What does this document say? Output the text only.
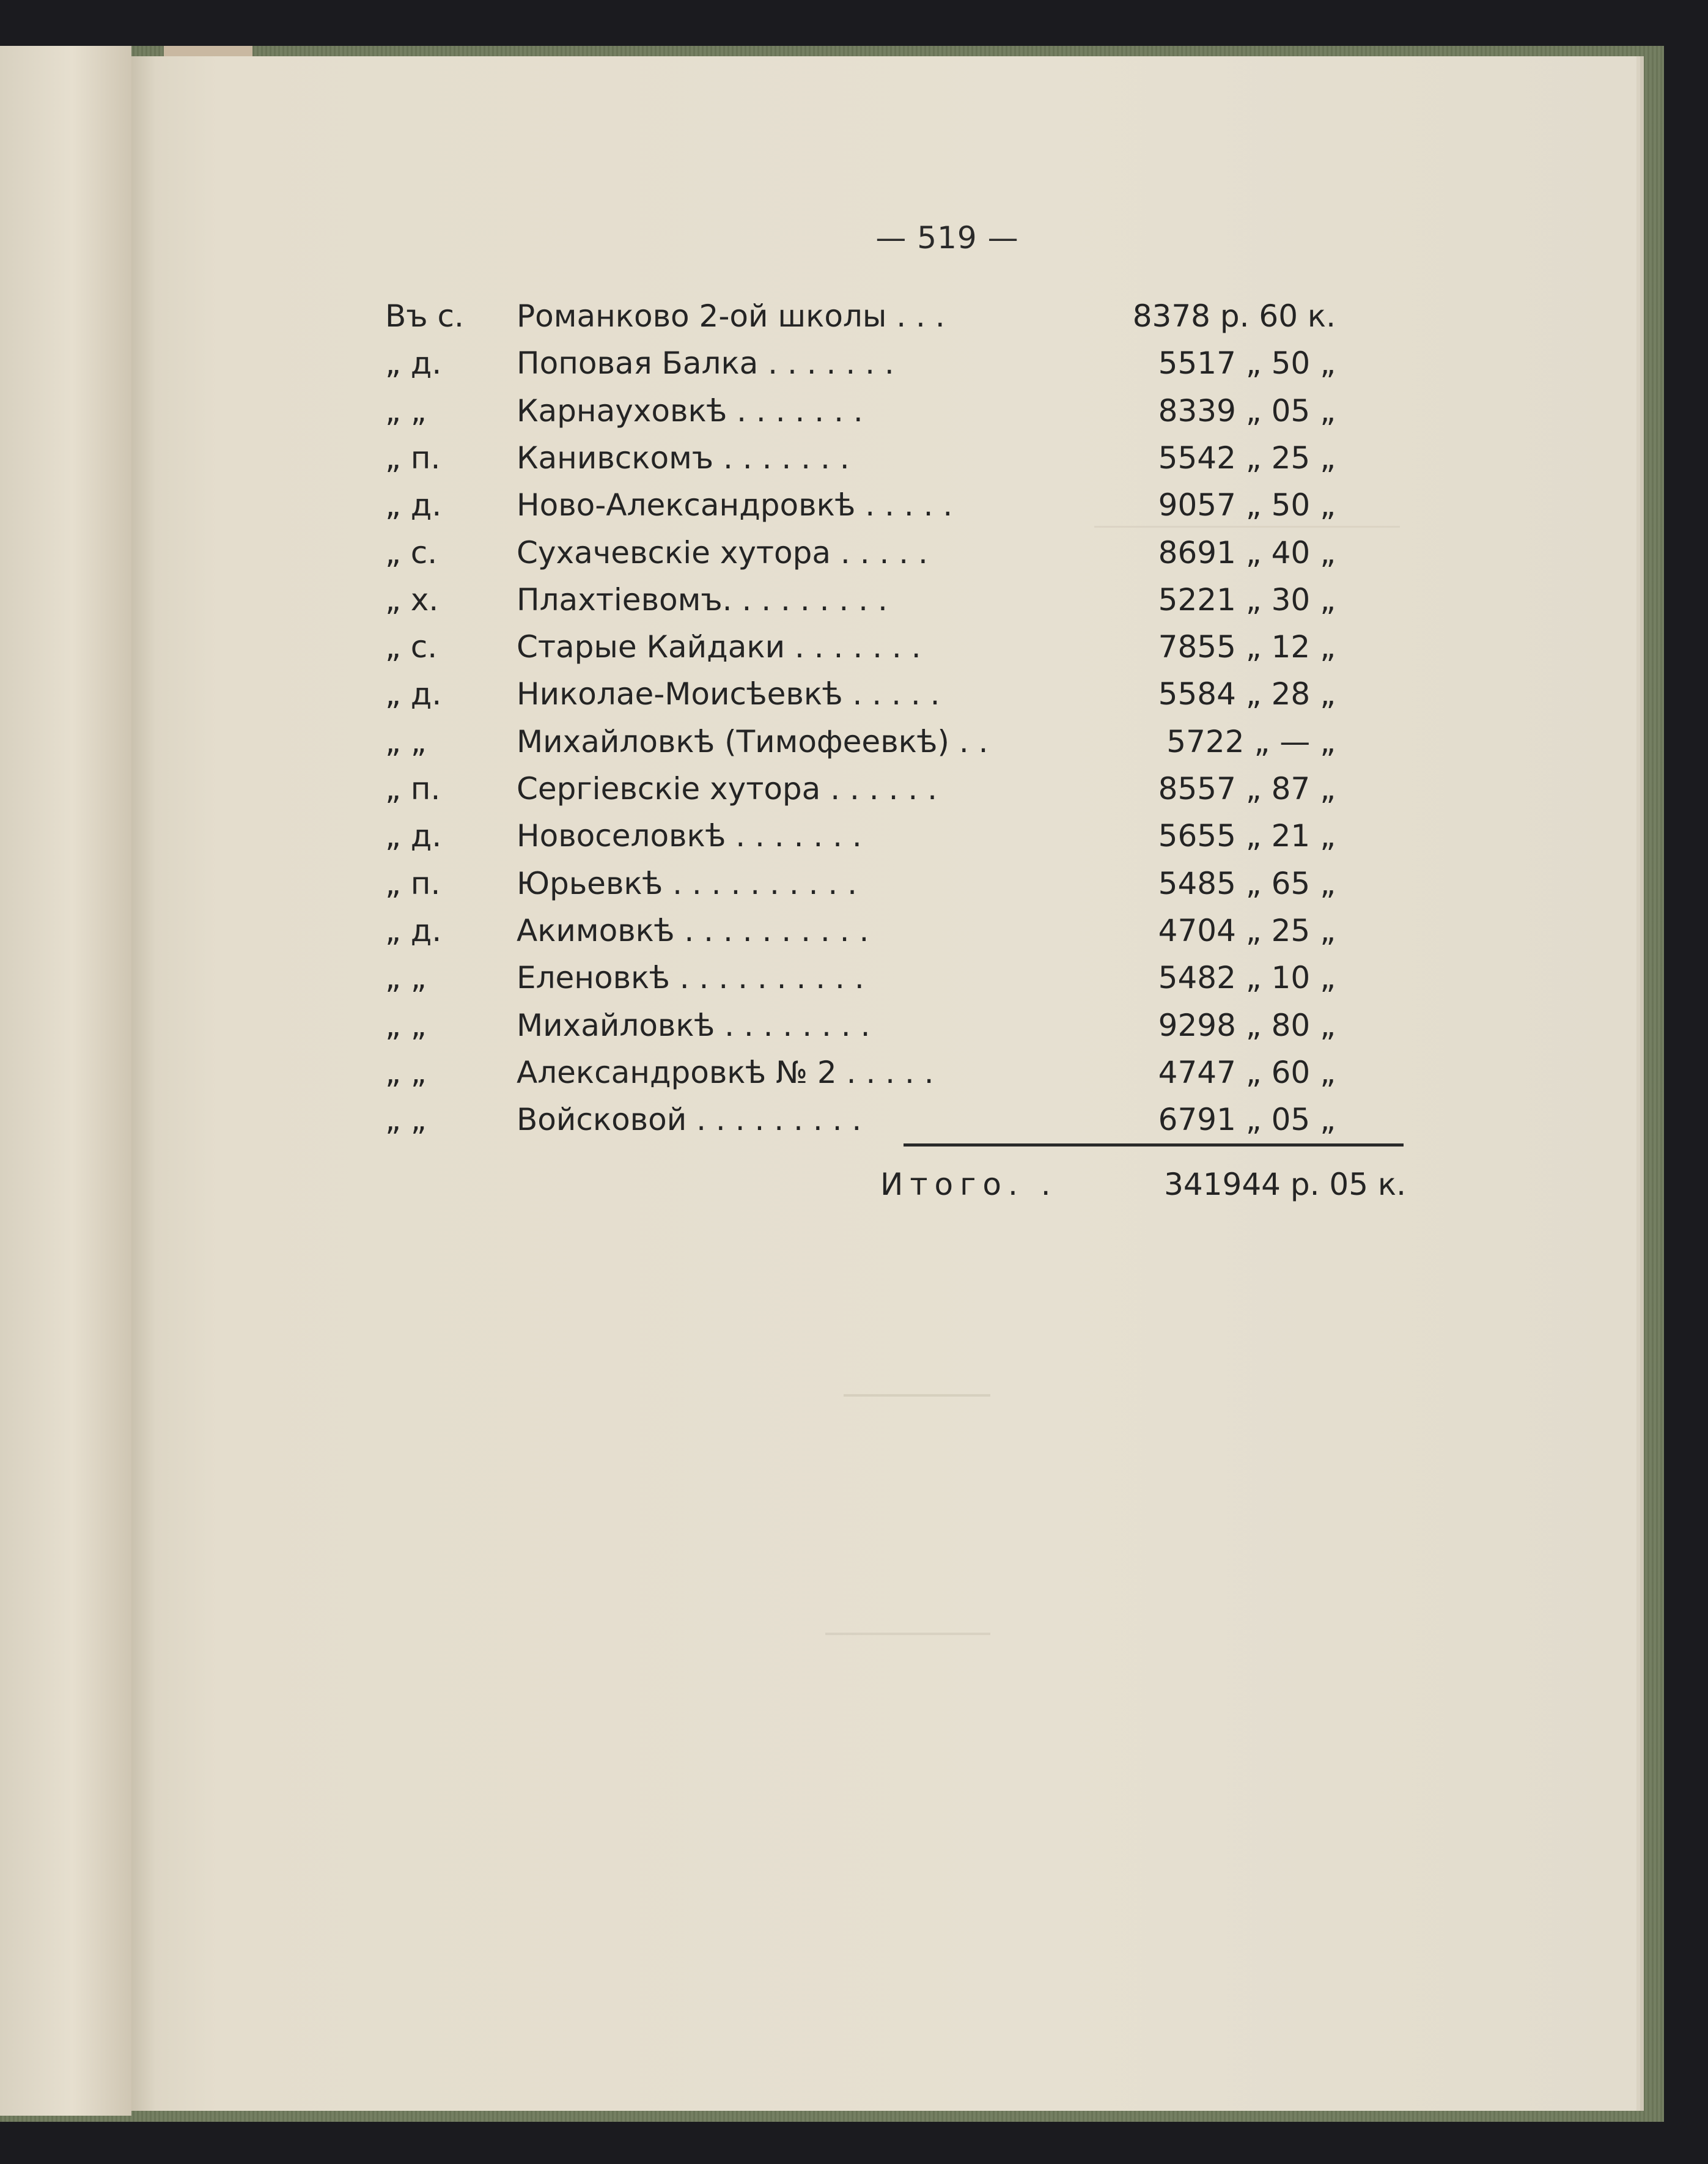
— 519 —
Въ с.	Романково 2-ой школы . . .	8378 р. 60 к.
„ д.	Поповая Балка . . . . . . .	5517 „ 50 „
„ „	Карнауховкѣ . . . . . . .	8339 „ 05 „
„ п.	Канивскомъ . . . . . . .	5542 „ 25 „
„ д.	Ново-Александровкѣ . . . . .	9057 „ 50 „
„ с.	Сухачевскіе хутора . . . . .	8691 „ 40 „
„ х.	Плахтіевомъ. . . . . . . . .	5221 „ 30 „
„ с.	Старые Кайдаки . . . . . . .	7855 „ 12 „
„ д.	Николае-Моисѣевкѣ . . . . .	5584 „ 28 „
„ „	Михайловкѣ (Тимофеевкѣ) . .	5722 „ — „
„ п.	Сергіевскіе хутора . . . . . .	8557 „ 87 „
„ д.	Новоселовкѣ . . . . . . .	5655 „ 21 „
„ п.	Юрьевкѣ . . . . . . . . . .	5485 „ 65 „
„ д.	Акимовкѣ . . . . . . . . . .	4704 „ 25 „
„ „	Еленовкѣ . . . . . . . . . .	5482 „ 10 „
„ „	Михайловкѣ . . . . . . . .	9298 „ 80 „
„ „	Александровкѣ № 2 . . . . .	4747 „ 60 „
„ „	Войсковой . . . . . . . . .	6791 „ 05 „
Итого. .	341944 р. 05 к.
